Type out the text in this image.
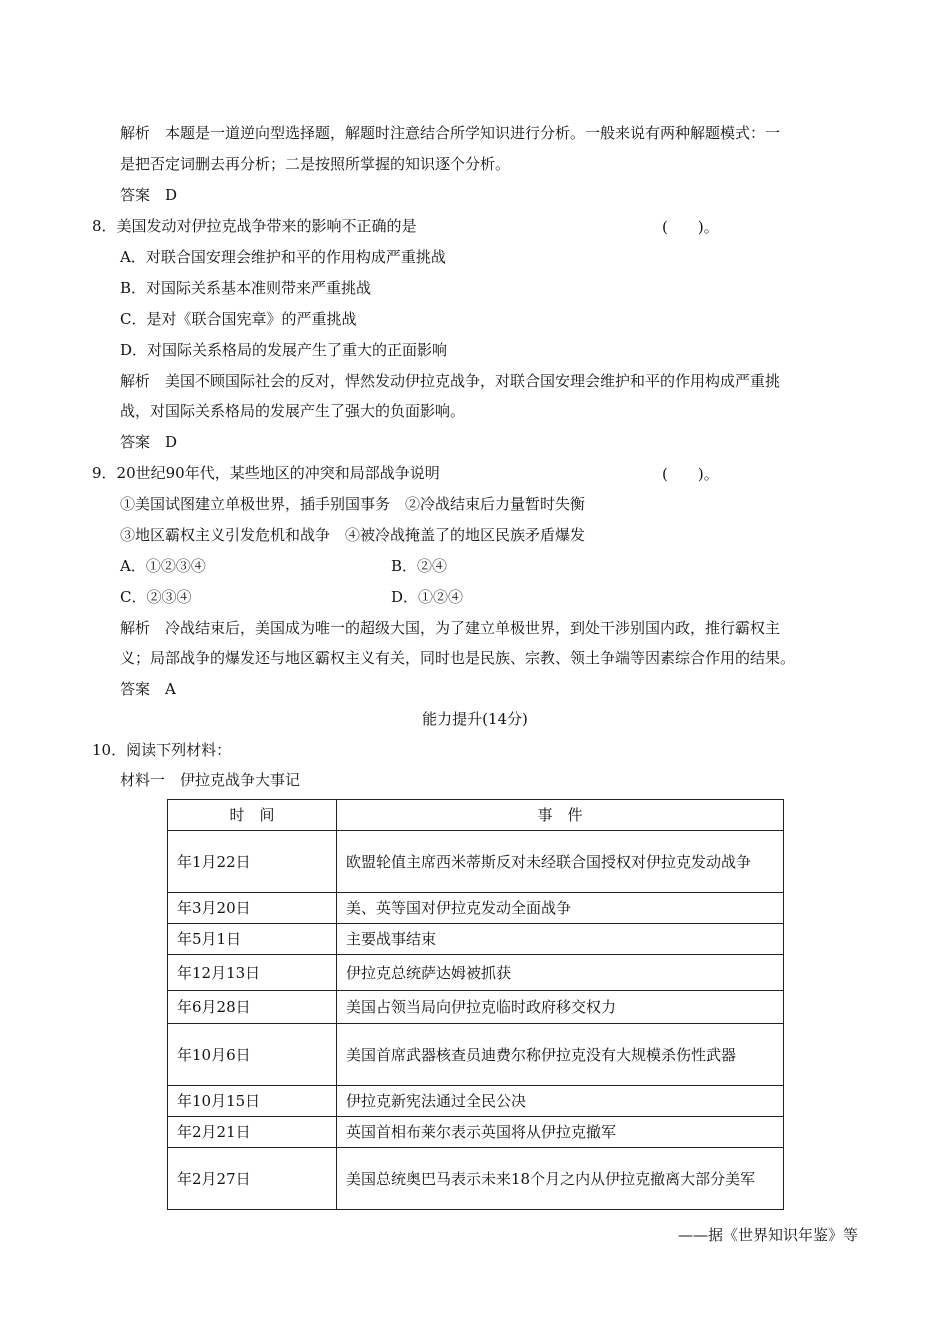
解析　本题是一道逆向型选择题，解题时注意结合所学知识进行分析。一般来说有两种解题模式：一
是把否定词删去再分析；二是按照所掌握的知识逐个分析。
答案　D
8．美国发动对伊拉克战争带来的影响不正确的是	(　　)。
A．对联合国安理会维护和平的作用构成严重挑战
B．对国际关系基本准则带来严重挑战
C．是对《联合国宪章》的严重挑战
D．对国际关系格局的发展产生了重大的正面影响
解析　美国不顾国际社会的反对，悍然发动伊拉克战争，对联合国安理会维护和平的作用构成严重挑
战，对国际关系格局的发展产生了强大的负面影响。
答案　D
9．20世纪90年代，某些地区的冲突和局部战争说明	(　　)。
①美国试图建立单极世界，插手别国事务　②冷战结束后力量暂时失衡
③地区霸权主义引发危机和战争　④被冷战掩盖了的地区民族矛盾爆发
A．①②③④	B．②④
C．②③④	D．①②④
解析　冷战结束后，美国成为唯一的超级大国，为了建立单极世界，到处干涉别国内政，推行霸权主
义；局部战争的爆发还与地区霸权主义有关，同时也是民族、宗教、领土争端等因素综合作用的结果。
答案　A
能力提升(14分)
10．阅读下列材料：
材料一　伊拉克战争大事记
时　间	事　件
年1月22日	欧盟轮值主席西米蒂斯反对未经联合国授权对伊拉克发动战争
年3月20日	美、英等国对伊拉克发动全面战争
年5月1日	主要战事结束
年12月13日	伊拉克总统萨达姆被抓获
年6月28日	美国占领当局向伊拉克临时政府移交权力
年10月6日	美国首席武器核查员迪费尔称伊拉克没有大规模杀伤性武器
年10月15日	伊拉克新宪法通过全民公决
年2月21日	英国首相布莱尔表示英国将从伊拉克撤军
年2月27日	美国总统奥巴马表示未来18个月之内从伊拉克撤离大部分美军
——据《世界知识年鉴》等
